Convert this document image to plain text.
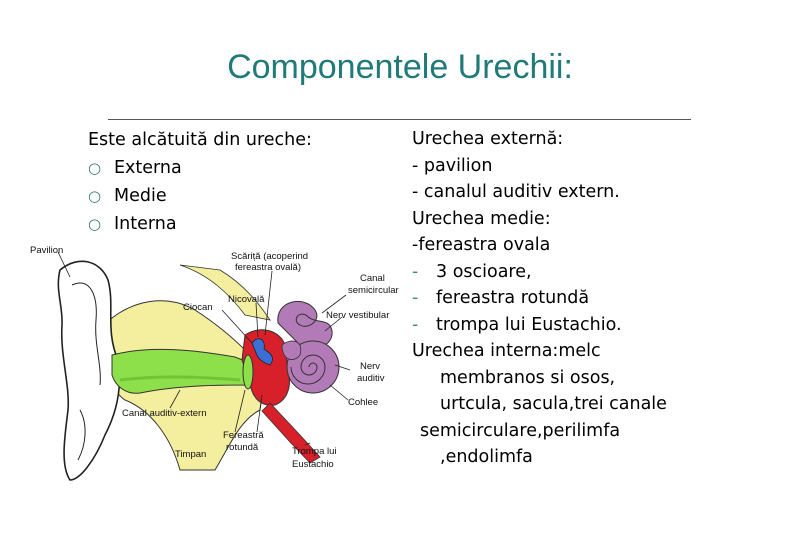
Componentele Urechii:
Este alcătuită din ureche:
○ Externa
○ Medie
○ Interna
Urechea externă:
- pavilion
- canalul auditiv extern.
Urechea medie:
-fereastra ovala
- 3 oscioare,
- fereastra rotundă
- trompa lui Eustachio.
Urechea interna:melc
membranos si osos,
urtcula, sacula,trei canale
semicirculare,perilimfa
,endolimfa
Pavilion
Scăriță (acoperind
fereastra ovală)
Canal
semicircular
Nicovală
Ciocan
Nerv vestibular
Nerv
auditiv
Cohlee
Canal auditiv-extern
Fereastră
rotundă
Timpan	Trompa lui
Eustachio
